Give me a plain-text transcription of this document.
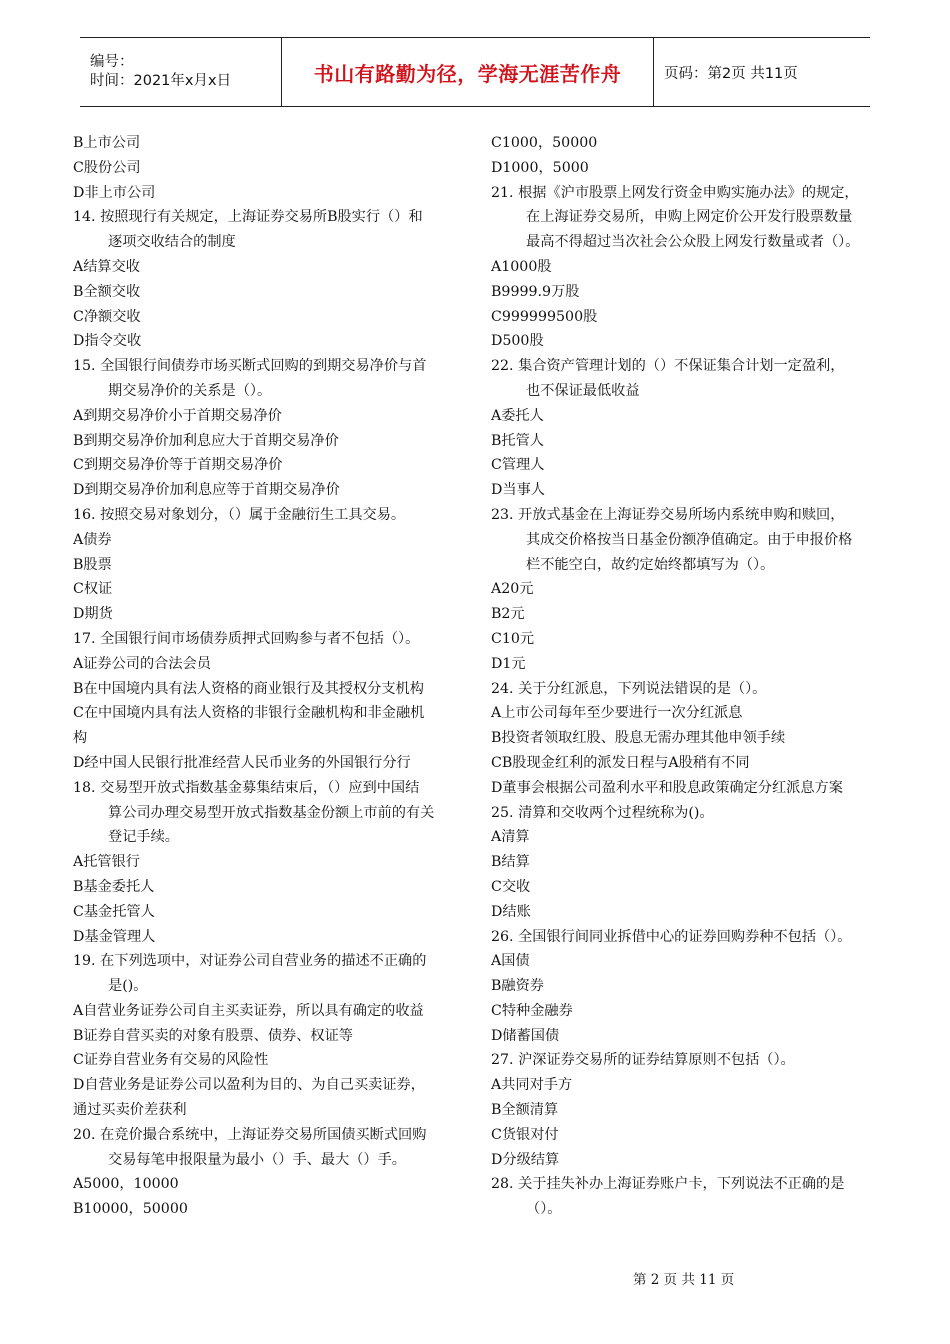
编号：
时间：2021年x月x日	书山有路勤为径，学海无涯苦作舟	页码：第2页 共11页
B上市公司
C股份公司
D非上市公司
14. 按照现行有关规定，上海证券交易所B股实行（）和
逐项交收结合的制度
A结算交收
B全额交收
C净额交收
D指令交收
15. 全国银行间债券市场买断式回购的到期交易净价与首
期交易净价的关系是（）。
A到期交易净价小于首期交易净价
B到期交易净价加利息应大于首期交易净价
C到期交易净价等于首期交易净价
D到期交易净价加利息应等于首期交易净价
16. 按照交易对象划分，（）属于金融衍生工具交易。
A债券
B股票
C权证
D期货
17. 全国银行间市场债券质押式回购参与者不包括（）。
A证券公司的合法会员
B在中国境内具有法人资格的商业银行及其授权分支机构
C在中国境内具有法人资格的非银行金融机构和非金融机
构
D经中国人民银行批准经营人民币业务的外国银行分行
18. 交易型开放式指数基金募集结束后，（）应到中国结
算公司办理交易型开放式指数基金份额上市前的有关
登记手续。
A托管银行
B基金委托人
C基金托管人
D基金管理人
19. 在下列选项中，对证券公司自营业务的描述不正确的
是()。
A自营业务证券公司自主买卖证券，所以具有确定的收益
B证券自营买卖的对象有股票、债券、权证等
C证券自营业务有交易的风险性
D自营业务是证券公司以盈利为目的、为自己买卖证券，
通过买卖价差获利
20. 在竞价撮合系统中，上海证券交易所国债买断式回购
交易每笔申报限量为最小（）手、最大（）手。
A5000，10000
B10000，50000
C1000，50000
D1000，5000
21. 根据《沪市股票上网发行资金申购实施办法》的规定，
在上海证券交易所，申购上网定价公开发行股票数量
最高不得超过当次社会公众股上网发行数量或者（）。
A1000股
B9999.9万股
C999999500股
D500股
22. 集合资产管理计划的（）不保证集合计划一定盈利，
也不保证最低收益
A委托人
B托管人
C管理人
D当事人
23. 开放式基金在上海证券交易所场内系统申购和赎回，
其成交价格按当日基金份额净值确定。由于申报价格
栏不能空白，故约定始终都填写为（）。
A20元
B2元
C10元
D1元
24. 关于分红派息，下列说法错误的是（）。
A上市公司每年至少要进行一次分红派息
B投资者领取红股、股息无需办理其他申领手续
CB股现金红利的派发日程与A股稍有不同
D董事会根据公司盈利水平和股息政策确定分红派息方案
25. 清算和交收两个过程统称为()。
A清算
B结算
C交收
D结账
26. 全国银行间同业拆借中心的证券回购券种不包括（）。
A国债
B融资券
C特种金融券
D储蓄国债
27. 沪深证券交易所的证券结算原则不包括（）。
A共同对手方
B全额清算
C货银对付
D分级结算
28. 关于挂失补办上海证券账户卡，下列说法不正确的是
（）。
第 2 页 共 11 页
